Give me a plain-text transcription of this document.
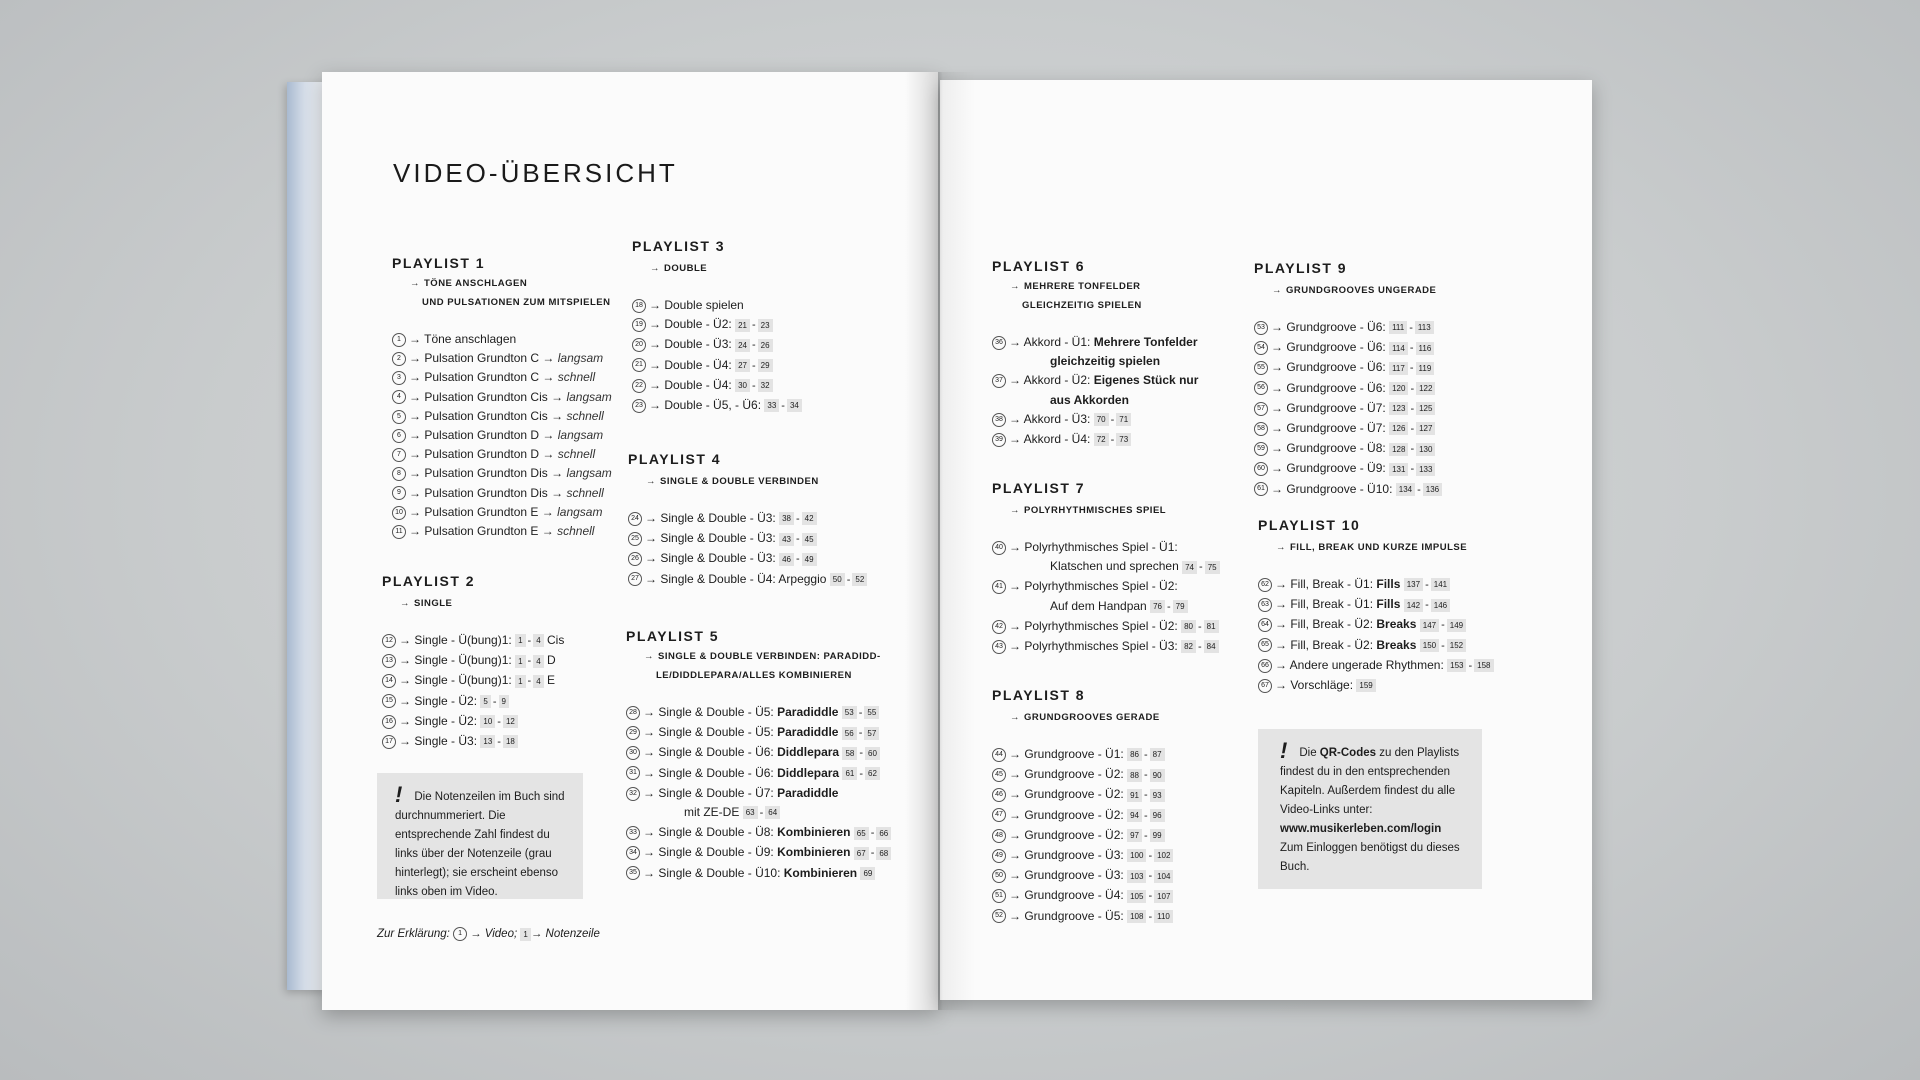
VIDEO-ÜBERSICHT
PLAYLIST 1
→ TÖNE ANSCHLAGEN
UND PULSATIONEN ZUM MITSPIELEN
1 → Töne anschlagen
2 → Pulsation Grundton C → langsam
3 → Pulsation Grundton C → schnell
4 → Pulsation Grundton Cis → langsam
5 → Pulsation Grundton Cis → schnell
6 → Pulsation Grundton D → langsam
7 → Pulsation Grundton D → schnell
8 → Pulsation Grundton Dis → langsam
9 → Pulsation Grundton Dis → schnell
10 → Pulsation Grundton E → langsam
11 → Pulsation Grundton E → schnell
PLAYLIST 2
→ SINGLE
12 → Single - Ü(bung)1: 1 - 4 Cis
13 → Single - Ü(bung)1: 1 - 4 D
14 → Single - Ü(bung)1: 1 - 4 E
15 → Single - Ü2: 5 - 9
16 → Single - Ü2: 10 - 12
17 → Single - Ü3: 13 - 18
PLAYLIST 3
→ DOUBLE
18 → Double spielen
19 → Double - Ü2: 21 - 23
20 → Double - Ü3: 24 - 26
21 → Double - Ü4: 27 - 29
22 → Double - Ü4: 30 - 32
23 → Double - Ü5, - Ü6: 33 - 34
PLAYLIST 4
→ SINGLE & DOUBLE VERBINDEN
24 → Single & Double - Ü3: 38 - 42
25 → Single & Double - Ü3: 43 - 45
26 → Single & Double - Ü3: 46 - 49
27 → Single & Double - Ü4: Arpeggio 50 - 52
PLAYLIST 5
→ SINGLE & DOUBLE VERBINDEN: PARADIDD-
LE/DIDDLEPARA/ALLES KOMBINIEREN
28 → Single & Double - Ü5: Paradiddle 53 - 55
29 → Single & Double - Ü5: Paradiddle 56 - 57
30 → Single & Double - Ü6: Diddlepara 58 - 60
31 → Single & Double - Ü6: Diddlepara 61 - 62
32 → Single & Double - Ü7: Paradiddle
mit ZE-DE 63 - 64
33 → Single & Double - Ü8: Kombinieren 65 - 66
34 → Single & Double - Ü9: Kombinieren 67 - 68
35 → Single & Double - Ü10: Kombinieren 69
PLAYLIST 6
→ MEHRERE TONFELDER
GLEICHZEITIG SPIELEN
36 → Akkord - Ü1: Mehrere Tonfelder
gleichzeitig spielen
37 → Akkord - Ü2: Eigenes Stück nur
aus Akkorden
38 → Akkord - Ü3: 70 - 71
39 → Akkord - Ü4: 72 - 73
PLAYLIST 7
→ POLYRHYTHMISCHES SPIEL
40 → Polyrhythmisches Spiel - Ü1:
Klatschen und sprechen 74 - 75
41 → Polyrhythmisches Spiel - Ü2:
Auf dem Handpan 76 - 79
42 → Polyrhythmisches Spiel - Ü2: 80 - 81
43 → Polyrhythmisches Spiel - Ü3: 82 - 84
PLAYLIST 8
→ GRUNDGROOVES GERADE
44 → Grundgroove - Ü1: 86 - 87
45 → Grundgroove - Ü2: 88 - 90
46 → Grundgroove - Ü2: 91 - 93
47 → Grundgroove - Ü2: 94 - 96
48 → Grundgroove - Ü2: 97 - 99
49 → Grundgroove - Ü3: 100 - 102
50 → Grundgroove - Ü3: 103 - 104
51 → Grundgroove - Ü4: 105 - 107
52 → Grundgroove - Ü5: 108 - 110
PLAYLIST 9
→ GRUNDGROOVES UNGERADE
53 → Grundgroove - Ü6: 111 - 113
54 → Grundgroove - Ü6: 114 - 116
55 → Grundgroove - Ü6: 117 - 119
56 → Grundgroove - Ü6: 120 - 122
57 → Grundgroove - Ü7: 123 - 125
58 → Grundgroove - Ü7: 126 - 127
59 → Grundgroove - Ü8: 128 - 130
60 → Grundgroove - Ü9: 131 - 133
61 → Grundgroove - Ü10: 134 - 136
PLAYLIST 10
→ FILL, BREAK UND KURZE IMPULSE
62 → Fill, Break - Ü1: Fills 137 - 141
63 → Fill, Break - Ü1: Fills 142 - 146
64 → Fill, Break - Ü2: Breaks 147 - 149
65 → Fill, Break - Ü2: Breaks 150 - 152
66 → Andere ungerade Rhythmen: 153 - 158
67 → Vorschläge: 159
! Die Notenzeilen im Buch sind durchnummeriert. Die entsprechende Zahl findest du links über der Notenzeile (grau hinterlegt); sie erscheint ebenso links oben im Video.
! Die QR-Codes zu den Playlists findest du in den entsprechenden Kapiteln. Außerdem findest du alle Video-Links unter:
www.musikerleben.com/login
Zum Einloggen benötigst du dieses Buch.
Zur Erklärung: 1 → Video; 1 → Notenzeile
